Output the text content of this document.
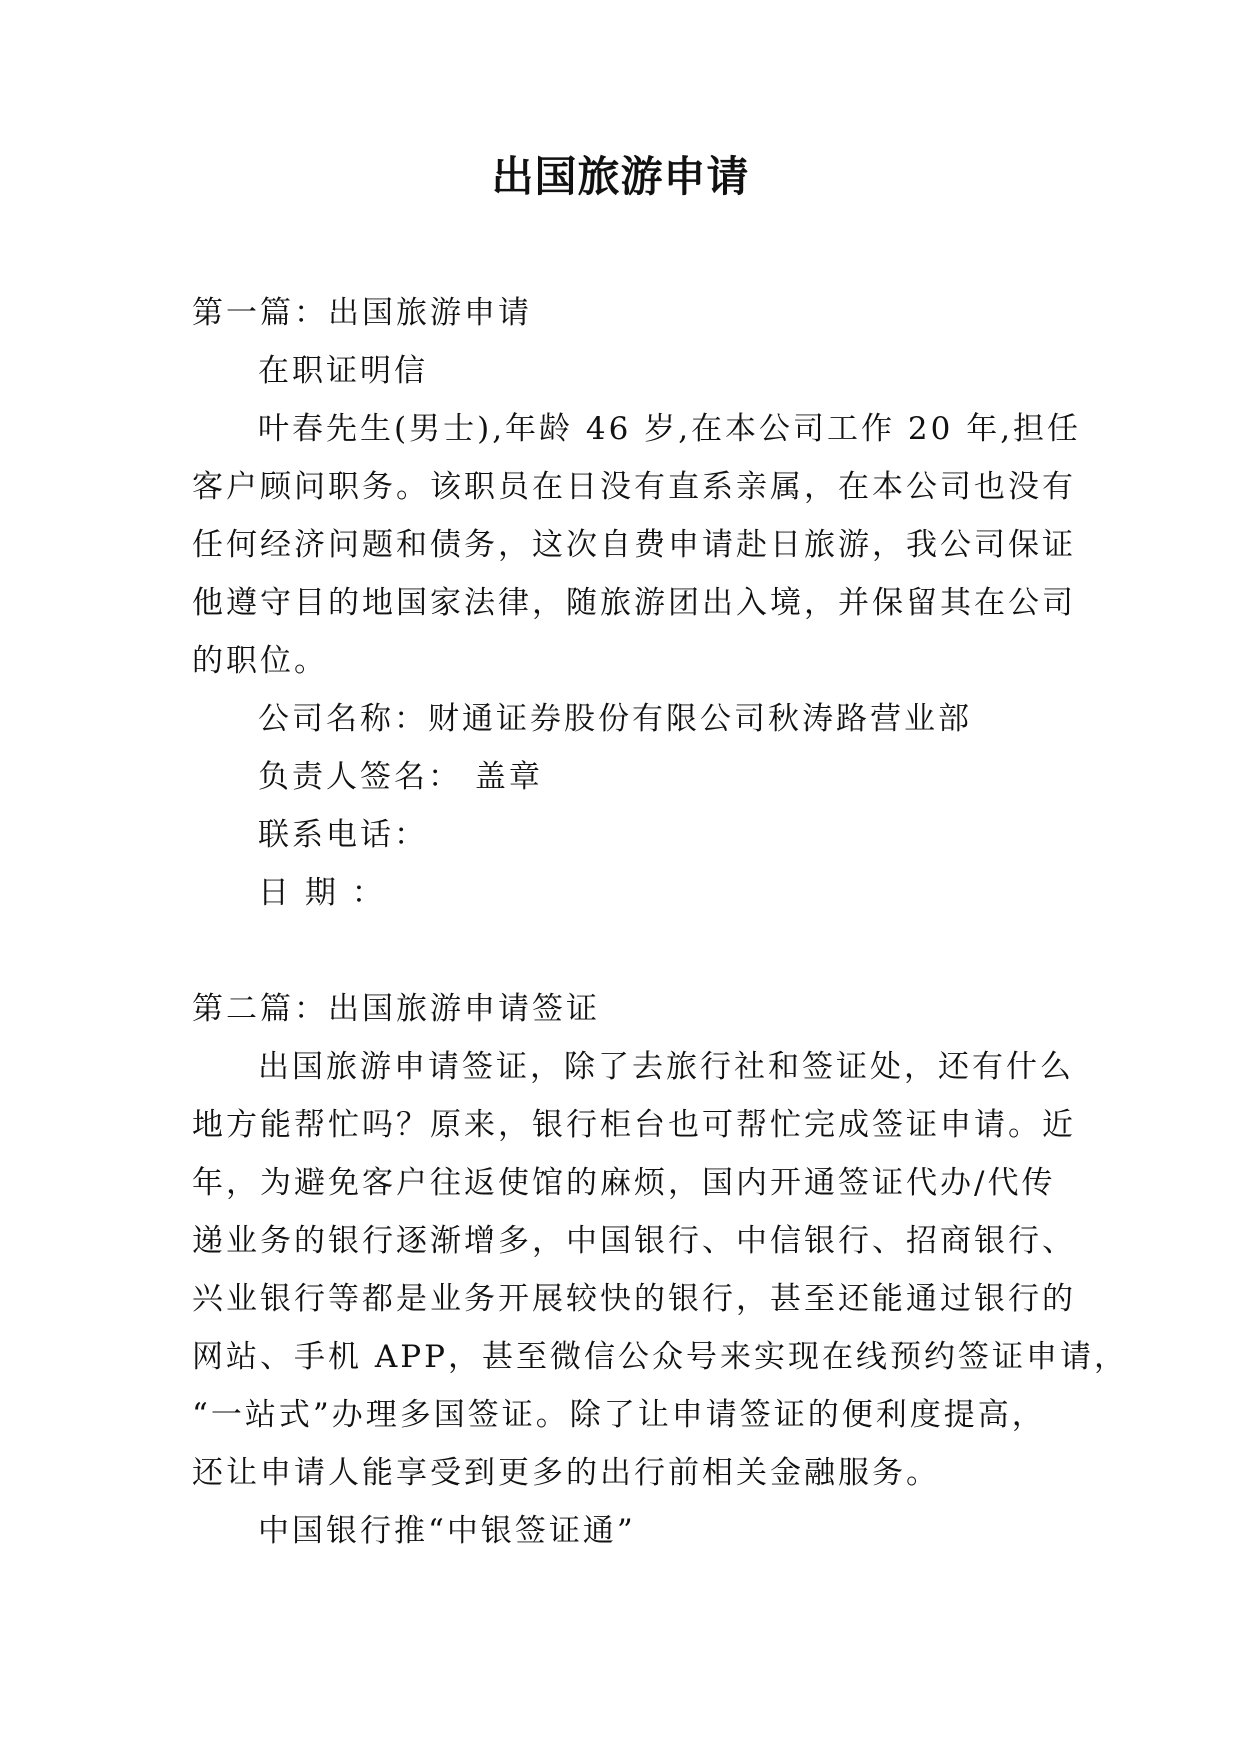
出国旅游申请
第一篇：出国旅游申请
在职证明信
叶春先生(男士),年龄 46 岁,在本公司工作 20 年,担任
客户顾问职务。该职员在日没有直系亲属，在本公司也没有
任何经济问题和债务，这次自费申请赴日旅游，我公司保证
他遵守目的地国家法律，随旅游团出入境，并保留其在公司
的职位。
公司名称：财通证券股份有限公司秋涛路营业部
负责人签名： 盖章
联系电话：
日 期 ：
第二篇：出国旅游申请签证
出国旅游申请签证，除了去旅行社和签证处，还有什么
地方能帮忙吗？原来，银行柜台也可帮忙完成签证申请。近
年，为避免客户往返使馆的麻烦，国内开通签证代办/代传
递业务的银行逐渐增多，中国银行、中信银行、招商银行、
兴业银行等都是业务开展较快的银行，甚至还能通过银行的
网站、手机 APP，甚至微信公众号来实现在线预约签证申请，
“一站式”办理多国签证。除了让申请签证的便利度提高，
还让申请人能享受到更多的出行前相关金融服务。
中国银行推“中银签证通”
